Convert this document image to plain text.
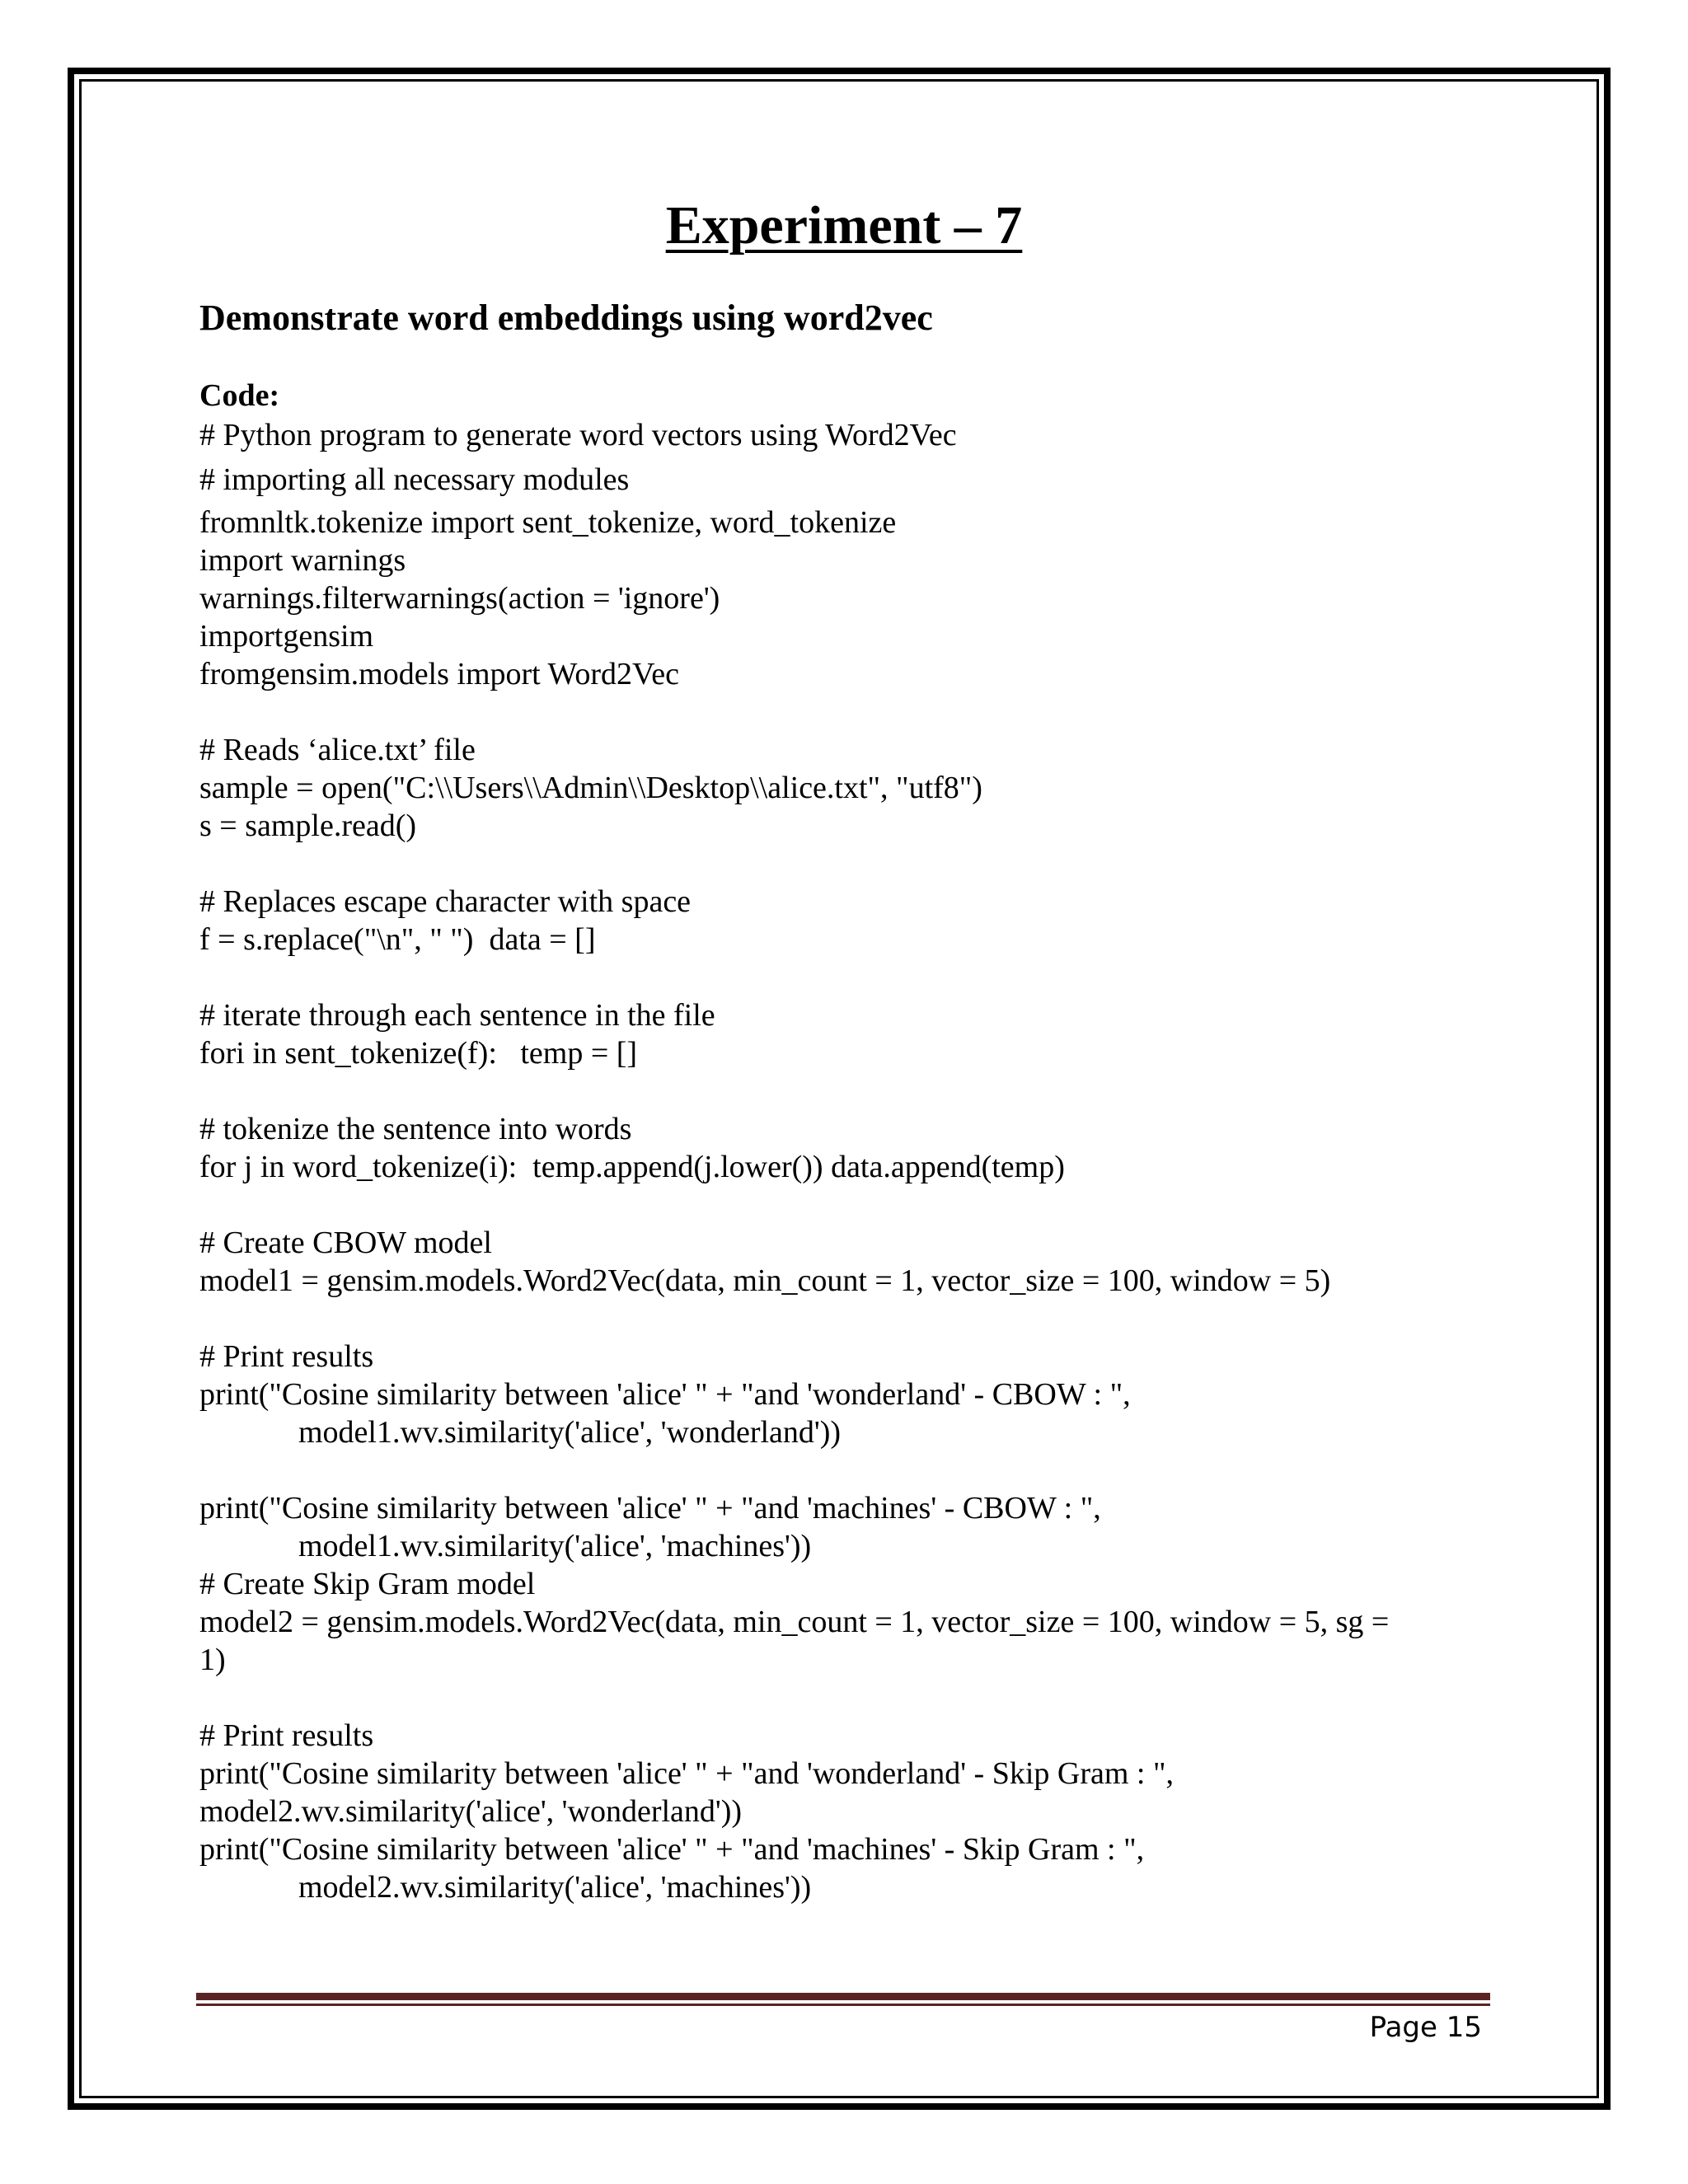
Experiment – 7
Demonstrate word embeddings using word2vec
Code:
# Python program to generate word vectors using Word2Vec
# importing all necessary modules
fromnltk.tokenize import sent_tokenize, word_tokenize
import warnings
warnings.filterwarnings(action = 'ignore')
importgensim
fromgensim.models import Word2Vec
# Reads ‘alice.txt’ file
sample = open("C:\\Users\\Admin\\Desktop\\alice.txt", "utf8")
s = sample.read()
# Replaces escape character with space
f = s.replace("\n", " ")  data = []
# iterate through each sentence in the file
fori in sent_tokenize(f):   temp = []
# tokenize the sentence into words
for j in word_tokenize(i):  temp.append(j.lower()) data.append(temp)
# Create CBOW model
model1 = gensim.models.Word2Vec(data, min_count = 1, vector_size = 100, window = 5)
# Print results
print("Cosine similarity between 'alice' " + "and 'wonderland' - CBOW : ",
model1.wv.similarity('alice', 'wonderland'))
print("Cosine similarity between 'alice' " + "and 'machines' - CBOW : ",
model1.wv.similarity('alice', 'machines'))
# Create Skip Gram model
model2 = gensim.models.Word2Vec(data, min_count = 1, vector_size = 100, window = 5, sg =
1)
# Print results
print("Cosine similarity between 'alice' " + "and 'wonderland' - Skip Gram : ",
model2.wv.similarity('alice', 'wonderland'))
print("Cosine similarity between 'alice' " + "and 'machines' - Skip Gram : ",
model2.wv.similarity('alice', 'machines'))
Page 15
